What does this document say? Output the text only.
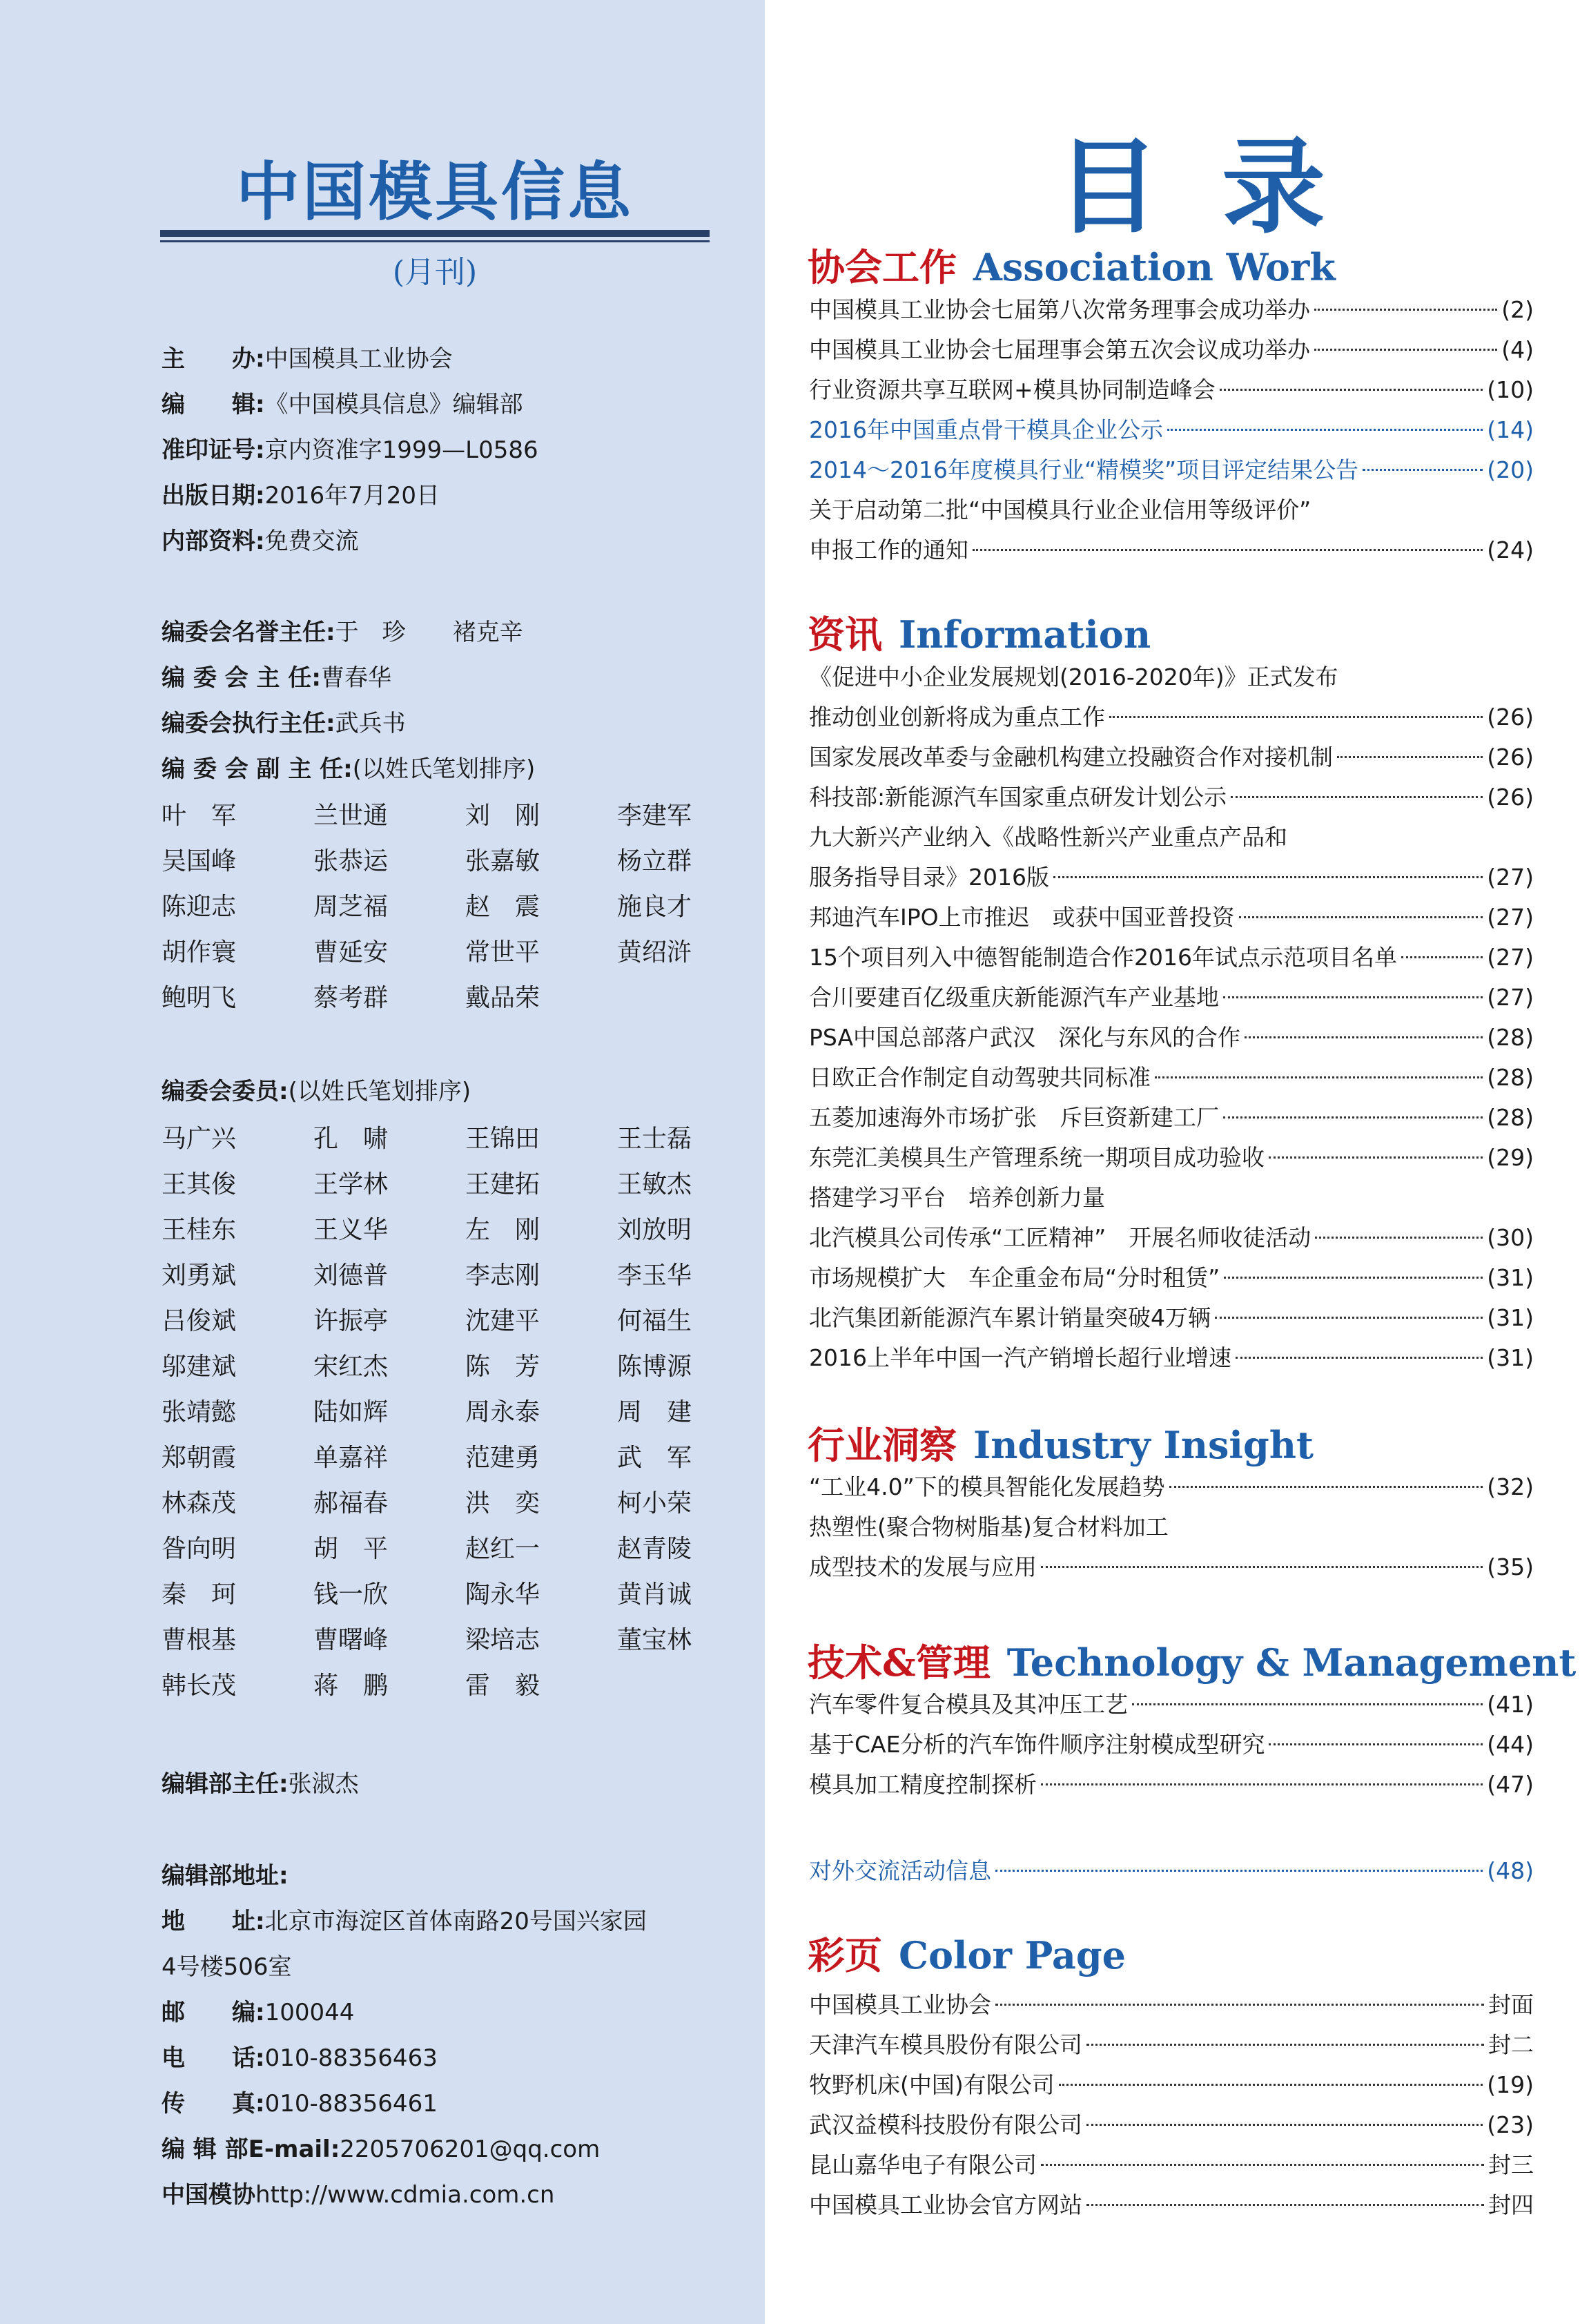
中国模具信息
(月刊)
主　　办:中国模具工业协会
编　　辑:《中国模具信息》编辑部
准印证号:京内资准字1999—L0586
出版日期:2016年7月20日
内部资料:免费交流
编委会名誉主任:于　珍　　褚克辛
编 委 会 主 任:曹春华
编委会执行主任:武兵书
编 委 会 副 主 任:(以姓氏笔划排序)
叶　军	兰世通	刘　刚	李建军
吴国峰	张恭运	张嘉敏	杨立群
陈迎志	周芝福	赵　震	施良才
胡作寰	曹延安	常世平	黄绍浒
鲍明飞	蔡考群	戴品荣
编委会委员:(以姓氏笔划排序)
马广兴	孔　啸	王锦田	王士磊
王其俊	王学林	王建拓	王敏杰
王桂东	王义华	左　刚	刘放明
刘勇斌	刘德普	李志刚	李玉华
吕俊斌	许振亭	沈建平	何福生
邬建斌	宋红杰	陈　芳	陈博源
张靖懿	陆如辉	周永泰	周　建
郑朝霞	单嘉祥	范建勇	武　军
林森茂	郝福春	洪　奕	柯小荣
昝向明	胡　平	赵红一	赵青陵
秦　珂	钱一欣	陶永华	黄肖诚
曹根基	曹曙峰	梁培志	董宝林
韩长茂	蒋　鹏	雷　毅
编辑部主任:张淑杰
编辑部地址:
地　　址:北京市海淀区首体南路20号国兴家园
4号楼506室
邮　　编:100044
电　　话:010-88356463
传　　真:010-88356461
编 辑 部E-mail:2205706201@qq.com
中国模协http://www.cdmia.com.cn
目录
协会工作 Association Work
中国模具工业协会七届第八次常务理事会成功举办	(2)
中国模具工业协会七届理事会第五次会议成功举办	(4)
行业资源共享互联网+模具协同制造峰会	(10)
2016年中国重点骨干模具企业公示	(14)
2014～2016年度模具行业“精模奖”项目评定结果公告	(20)
关于启动第二批“中国模具行业企业信用等级评价”
申报工作的通知	(24)
资讯 Information
《促进中小企业发展规划(2016-2020年)》正式发布
推动创业创新将成为重点工作	(26)
国家发展改革委与金融机构建立投融资合作对接机制	(26)
科技部:新能源汽车国家重点研发计划公示	(26)
九大新兴产业纳入《战略性新兴产业重点产品和
服务指导目录》2016版	(27)
邦迪汽车IPO上市推迟　或获中国亚普投资	(27)
15个项目列入中德智能制造合作2016年试点示范项目名单	(27)
合川要建百亿级重庆新能源汽车产业基地	(27)
PSA中国总部落户武汉　深化与东风的合作	(28)
日欧正合作制定自动驾驶共同标准	(28)
五菱加速海外市场扩张　斥巨资新建工厂	(28)
东莞汇美模具生产管理系统一期项目成功验收	(29)
搭建学习平台　培养创新力量
北汽模具公司传承“工匠精神”　开展名师收徒活动	(30)
市场规模扩大　车企重金布局“分时租赁”	(31)
北汽集团新能源汽车累计销量突破4万辆	(31)
2016上半年中国一汽产销增长超行业增速	(31)
行业洞察 Industry Insight
“工业4.0”下的模具智能化发展趋势	(32)
热塑性(聚合物树脂基)复合材料加工
成型技术的发展与应用	(35)
技术&管理 Technology & Management
汽车零件复合模具及其冲压工艺	(41)
基于CAE分析的汽车饰件顺序注射模成型研究	(44)
模具加工精度控制探析	(47)
对外交流活动信息	(48)
彩页 Color Page
中国模具工业协会	封面
天津汽车模具股份有限公司	封二
牧野机床(中国)有限公司	(19)
武汉益模科技股份有限公司	(23)
昆山嘉华电子有限公司	封三
中国模具工业协会官方网站	封四
